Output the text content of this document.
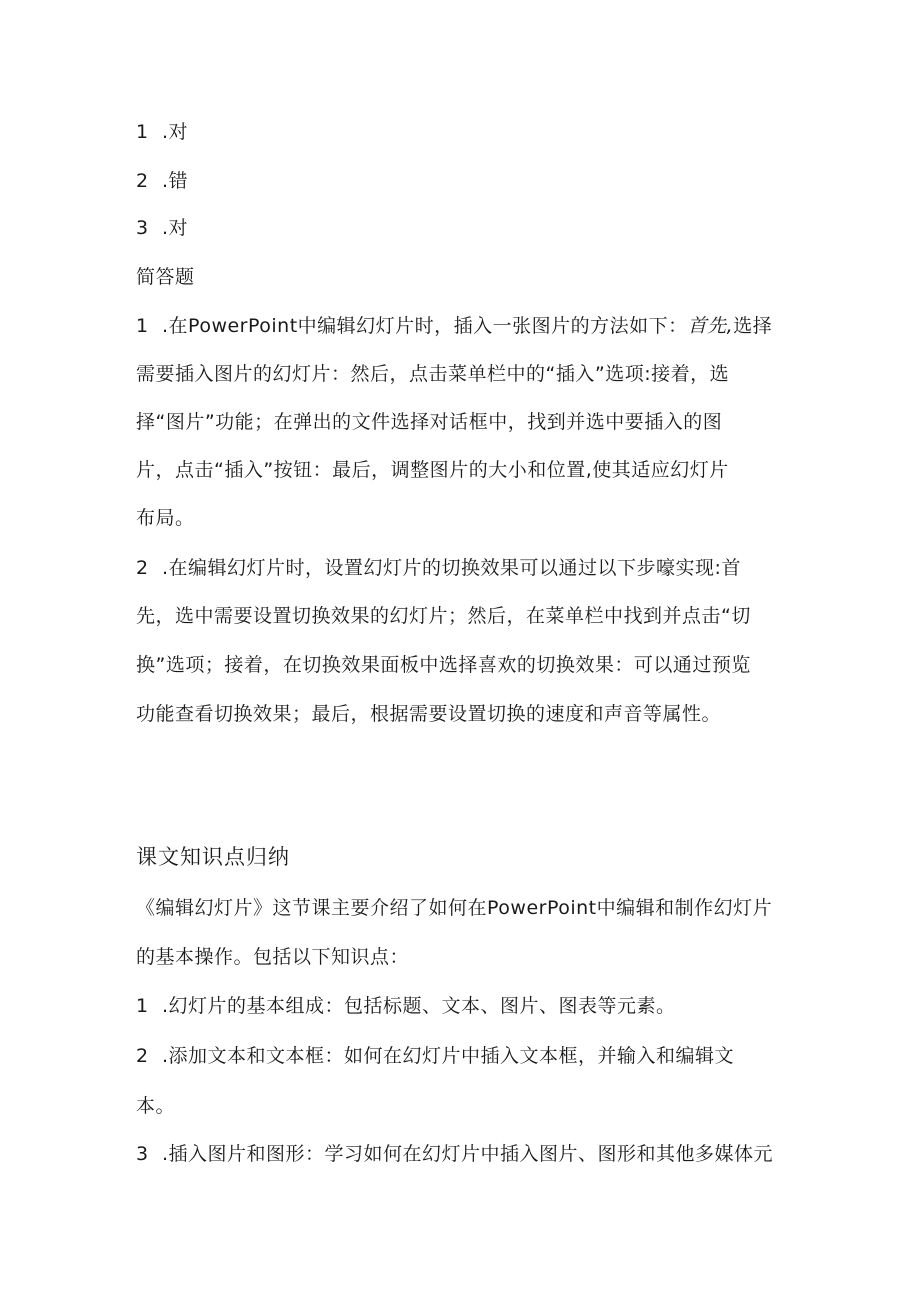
1 .对
2 .错
3 .对
简答题
1 .在PowerPoint中编辑幻灯片时，插入一张图片的方法如下：首先,选择
需要插入图片的幻灯片：然后，点击菜单栏中的“插入”选项:接着，选
择“图片”功能；在弹出的文件选择对话框中，找到并选中要插入的图
片，点击“插入”按钮：最后，调整图片的大小和位置,使其适应幻灯片
布局。
2 .在编辑幻灯片时，设置幻灯片的切换效果可以通过以下步嚎实现:首
先，选中需要设置切换效果的幻灯片；然后，在菜单栏中找到并点击“切
换”选项；接着，在切换效果面板中选择喜欢的切换效果：可以通过预览
功能查看切换效果；最后，根据需要设置切换的速度和声音等属性。
课文知识点归纳
《编辑幻灯片》这节课主要介绍了如何在PowerPoint中编辑和制作幻灯片
的基本操作。包括以下知识点：
1 .幻灯片的基本组成：包括标题、文本、图片、图表等元素。
2 .添加文本和文本框：如何在幻灯片中插入文本框，并输入和编辑文
本。
3 .插入图片和图形：学习如何在幻灯片中插入图片、图形和其他多媒体元
